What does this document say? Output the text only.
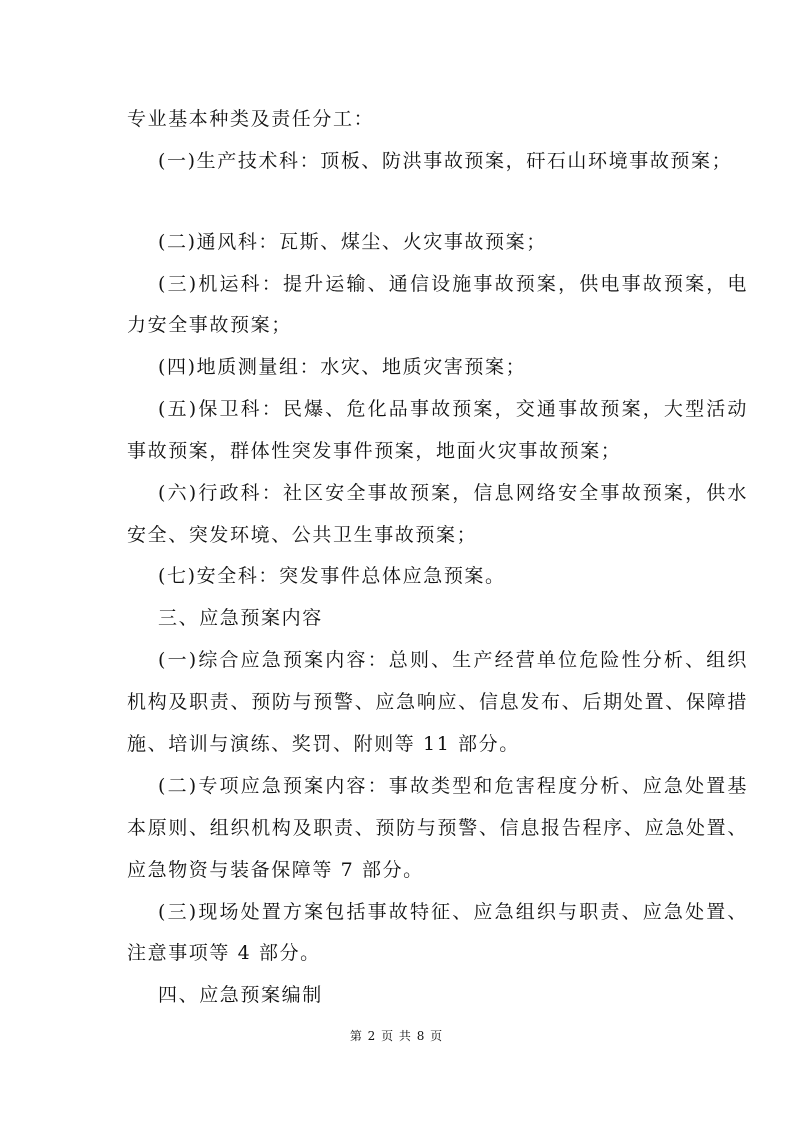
专业基本种类及责任分工：
(一)生产技术科：顶板、防洪事故预案，矸石山环境事故预案；
(二)通风科：瓦斯、煤尘、火灾事故预案；
(三)机运科：提升运输、通信设施事故预案，供电事故预案，电
力安全事故预案；
(四)地质测量组：水灾、地质灾害预案；
(五)保卫科：民爆、危化品事故预案，交通事故预案，大型活动
事故预案，群体性突发事件预案，地面火灾事故预案；
(六)行政科：社区安全事故预案，信息网络安全事故预案，供水
安全、突发环境、公共卫生事故预案；
(七)安全科：突发事件总体应急预案。
三、应急预案内容
(一)综合应急预案内容：总则、生产经营单位危险性分析、组织
机构及职责、预防与预警、应急响应、信息发布、后期处置、保障措
施、培训与演练、奖罚、附则等 11 部分。
(二)专项应急预案内容：事故类型和危害程度分析、应急处置基
本原则、组织机构及职责、预防与预警、信息报告程序、应急处置、
应急物资与装备保障等 7 部分。
(三)现场处置方案包括事故特征、应急组织与职责、应急处置、
注意事项等 4 部分。
四、应急预案编制
第 2 页 共 8 页
